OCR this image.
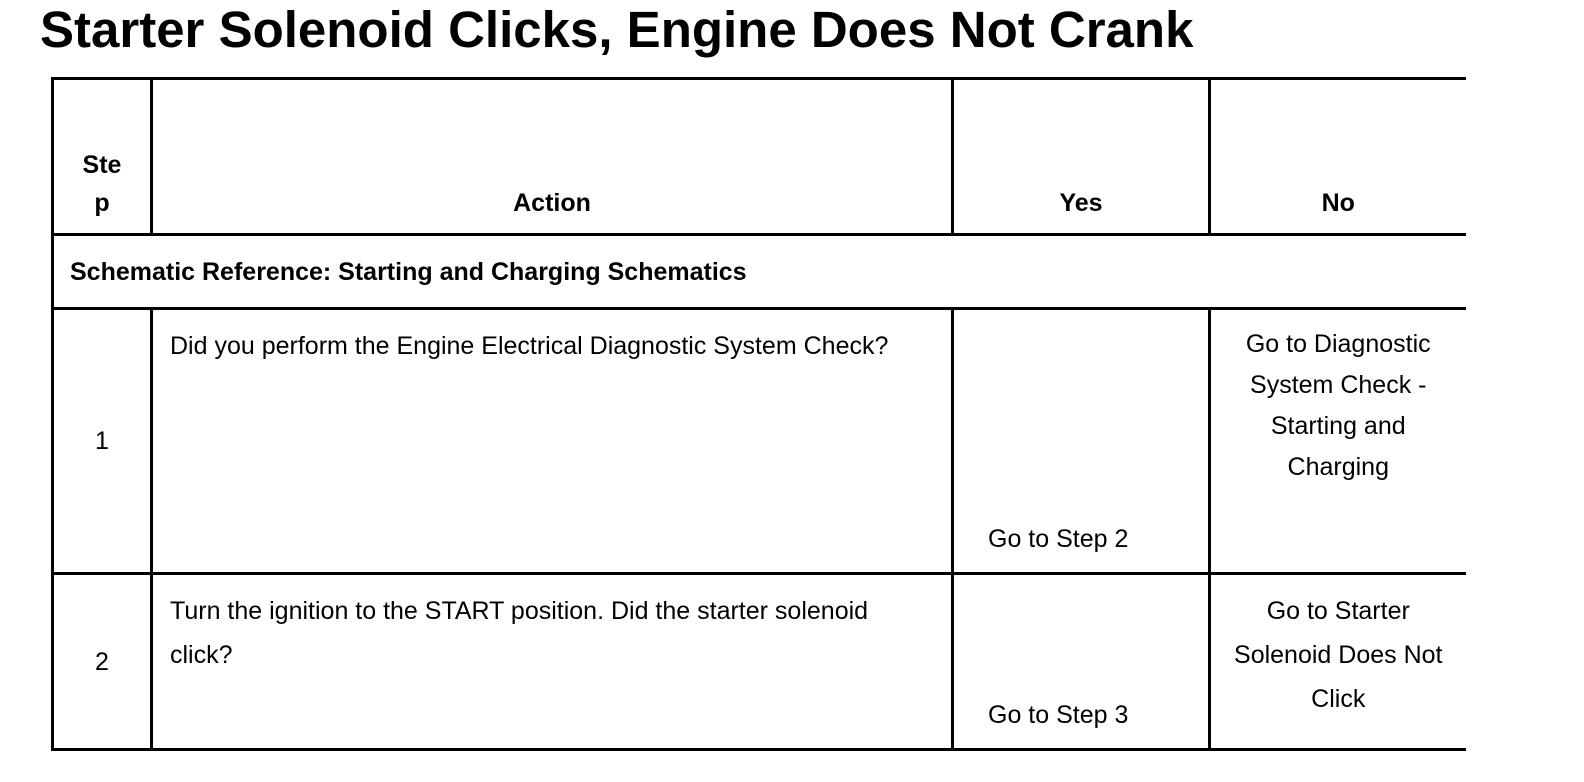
Starter Solenoid Clicks, Engine Does Not Crank
Step	Action	Yes	No
Schematic Reference: Starting and Charging Schematics			
1	Did you perform the Engine Electrical Diagnostic System Check?	Go to Step 2	Go to Diagnostic System Check - Starting and Charging
2	Turn the ignition to the START position. Did the starter solenoid click?	Go to Step 3	Go to Starter Solenoid Does Not Click
